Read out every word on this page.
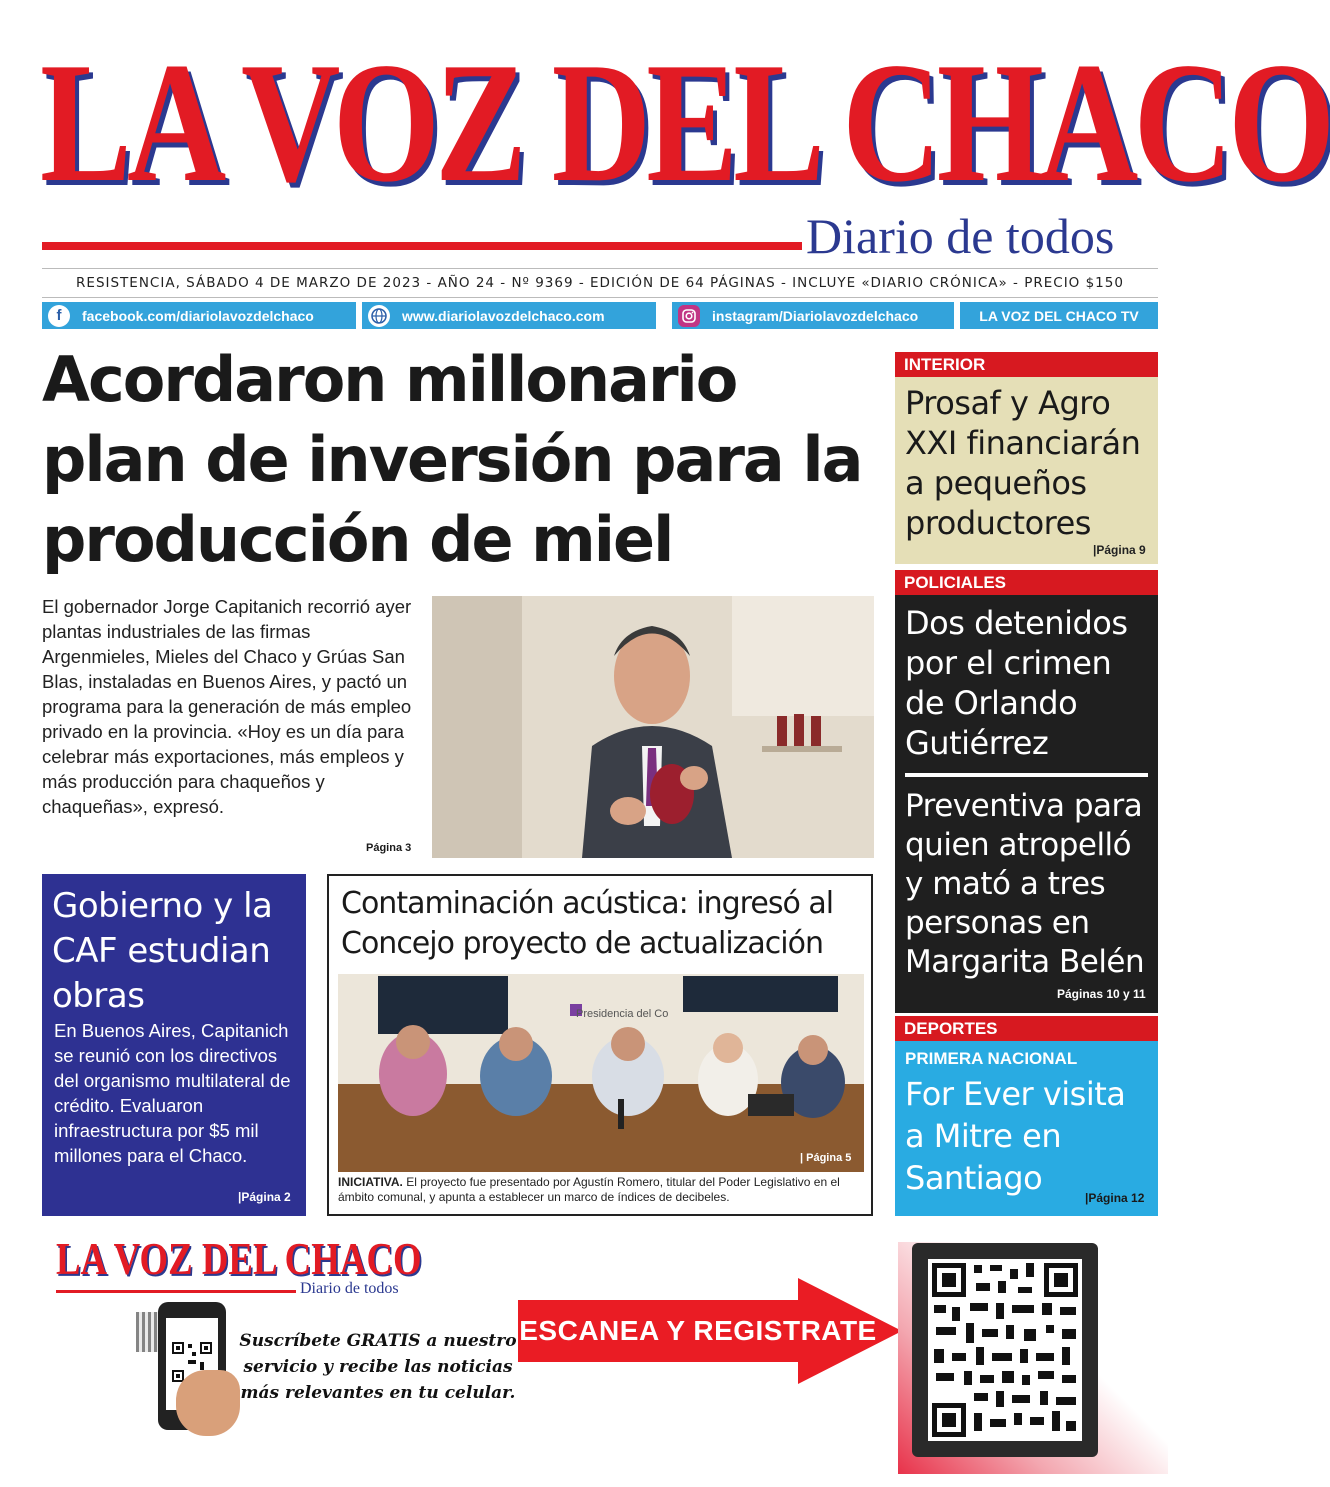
LA VOZ DEL CHACO
Diario de todos
RESISTENCIA, SÁBADO 4 DE MARZO DE 2023 - AÑO 24 - Nº 9369 - EDICIÓN DE 64 PÁGINAS - INCLUYE «DIARIO CRÓNICA» - PRECIO $150
f	facebook.com/diariolavozdelchaco	www.diariolavozdelchaco.com	instagram/Diariolavozdelchaco	LA VOZ DEL CHACO TV
Acordaron millonario plan de inversión para la producción de miel
El gobernador Jorge Capitanich recorrió ayer plantas industriales de las firmas Argenmieles, Mieles del Chaco y Grúas San Blas, instaladas en Buenos Aires, y pactó un programa para la generación de más empleo privado en la provincia. «Hoy es un día para celebrar más exportaciones, más empleos y más producción para chaqueños y chaqueñas», expresó.
Página 3
INTERIOR
Prosaf y Agro XXI financiarán a pequeños productores
|Página 9
POLICIALES
Dos detenidos por el crimen de Orlando Gutiérrez
Preventiva para quien atropelló y mató a tres personas en Margarita Belén
Páginas 10 y 11
DEPORTES
PRIMERA NACIONAL
For Ever visita a Mitre en Santiago
|Página 12
Gobierno y la CAF estudian obras
En Buenos Aires, Capitanich se reunió con los directivos del organismo multilateral de crédito. Evaluaron infraestructura por $5 mil millones para el Chaco.
|Página 2
Contaminación acústica: ingresó al Concejo proyecto de actualización
Presidencia del Co
| Página 5
INICIATIVA. El proyecto fue presentado por Agustín Romero, titular del Poder Legislativo en el ámbito comunal, y apunta a establecer un marco de índices de decibeles.
LA VOZ DEL CHACO
Diario de todos
Suscríbete GRATIS a nuestro servicio y recibe las noticias más relevantes en tu celular.
ESCANEA Y REGISTRATE
